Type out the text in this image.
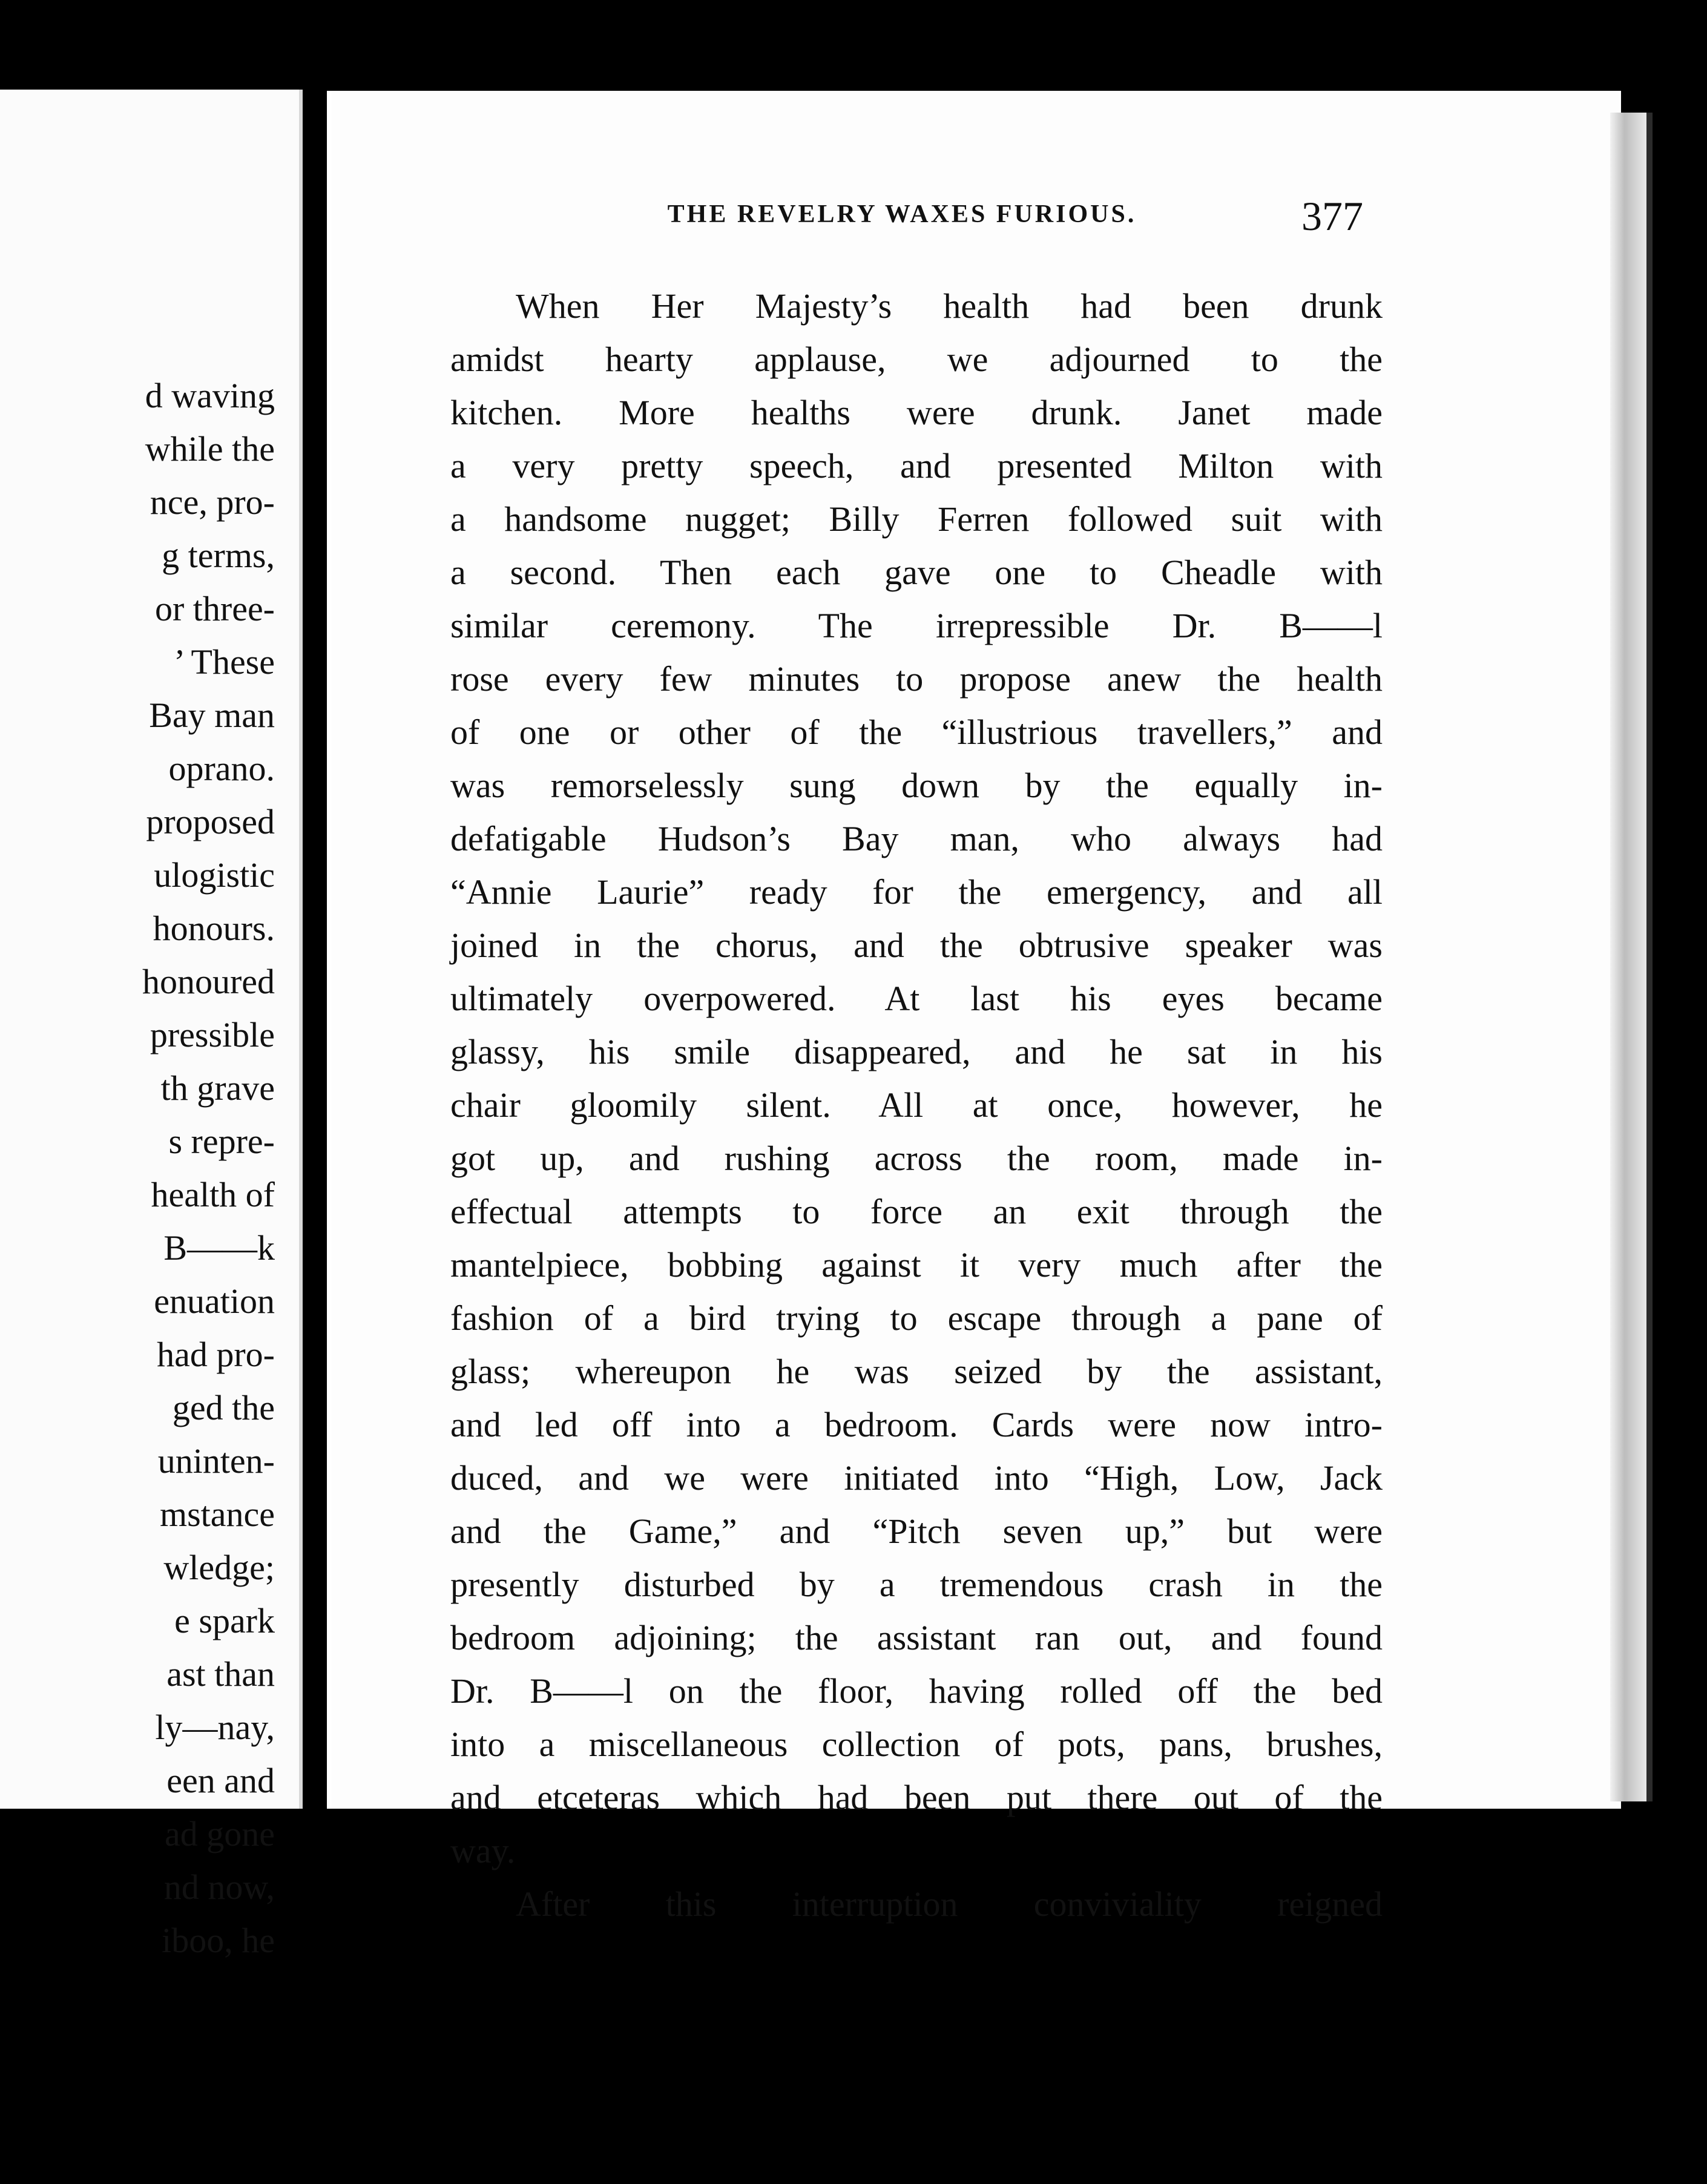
d waving
while the
nce, pro-
g terms,
or three-
’ These
Bay man
oprano.
proposed
ulogistic
honours.
honoured
pressible
th grave
s repre-
health of
B——k
enuation
had pro-
ged the
uninten-
mstance
wledge;
e spark
ast than
ly—nay,
een and
ad gone
nd now,
iboo, he
THE REVELRY WAXES FURIOUS.	377
When Her Majesty’s health had been drunk
amidst hearty applause, we adjourned to the
kitchen. More healths were drunk. Janet made
a very pretty speech, and presented Milton with
a handsome nugget; Billy Ferren followed suit with
a second. Then each gave one to Cheadle with
similar ceremony. The irrepressible Dr. B——l
rose every few minutes to propose anew the health
of one or other of the “illustrious travellers,” and
was remorselessly sung down by the equally in-
defatigable Hudson’s Bay man, who always had
“Annie Laurie” ready for the emergency, and all
joined in the chorus, and the obtrusive speaker was
ultimately overpowered. At last his eyes became
glassy, his smile disappeared, and he sat in his
chair gloomily silent. All at once, however, he
got up, and rushing across the room, made in-
effectual attempts to force an exit through the
mantelpiece, bobbing against it very much after the
fashion of a bird trying to escape through a pane of
glass; whereupon he was seized by the assistant,
and led off into a bedroom. Cards were now intro-
duced, and we were initiated into “High, Low, Jack
and the Game,” and “Pitch seven up,” but were
presently disturbed by a tremendous crash in the
bedroom adjoining; the assistant ran out, and found
Dr. B——l on the floor, having rolled off the bed
into a miscellaneous collection of pots, pans, brushes,
and etceteras which had been put there out of the
way.
After this interruption conviviality reigned
